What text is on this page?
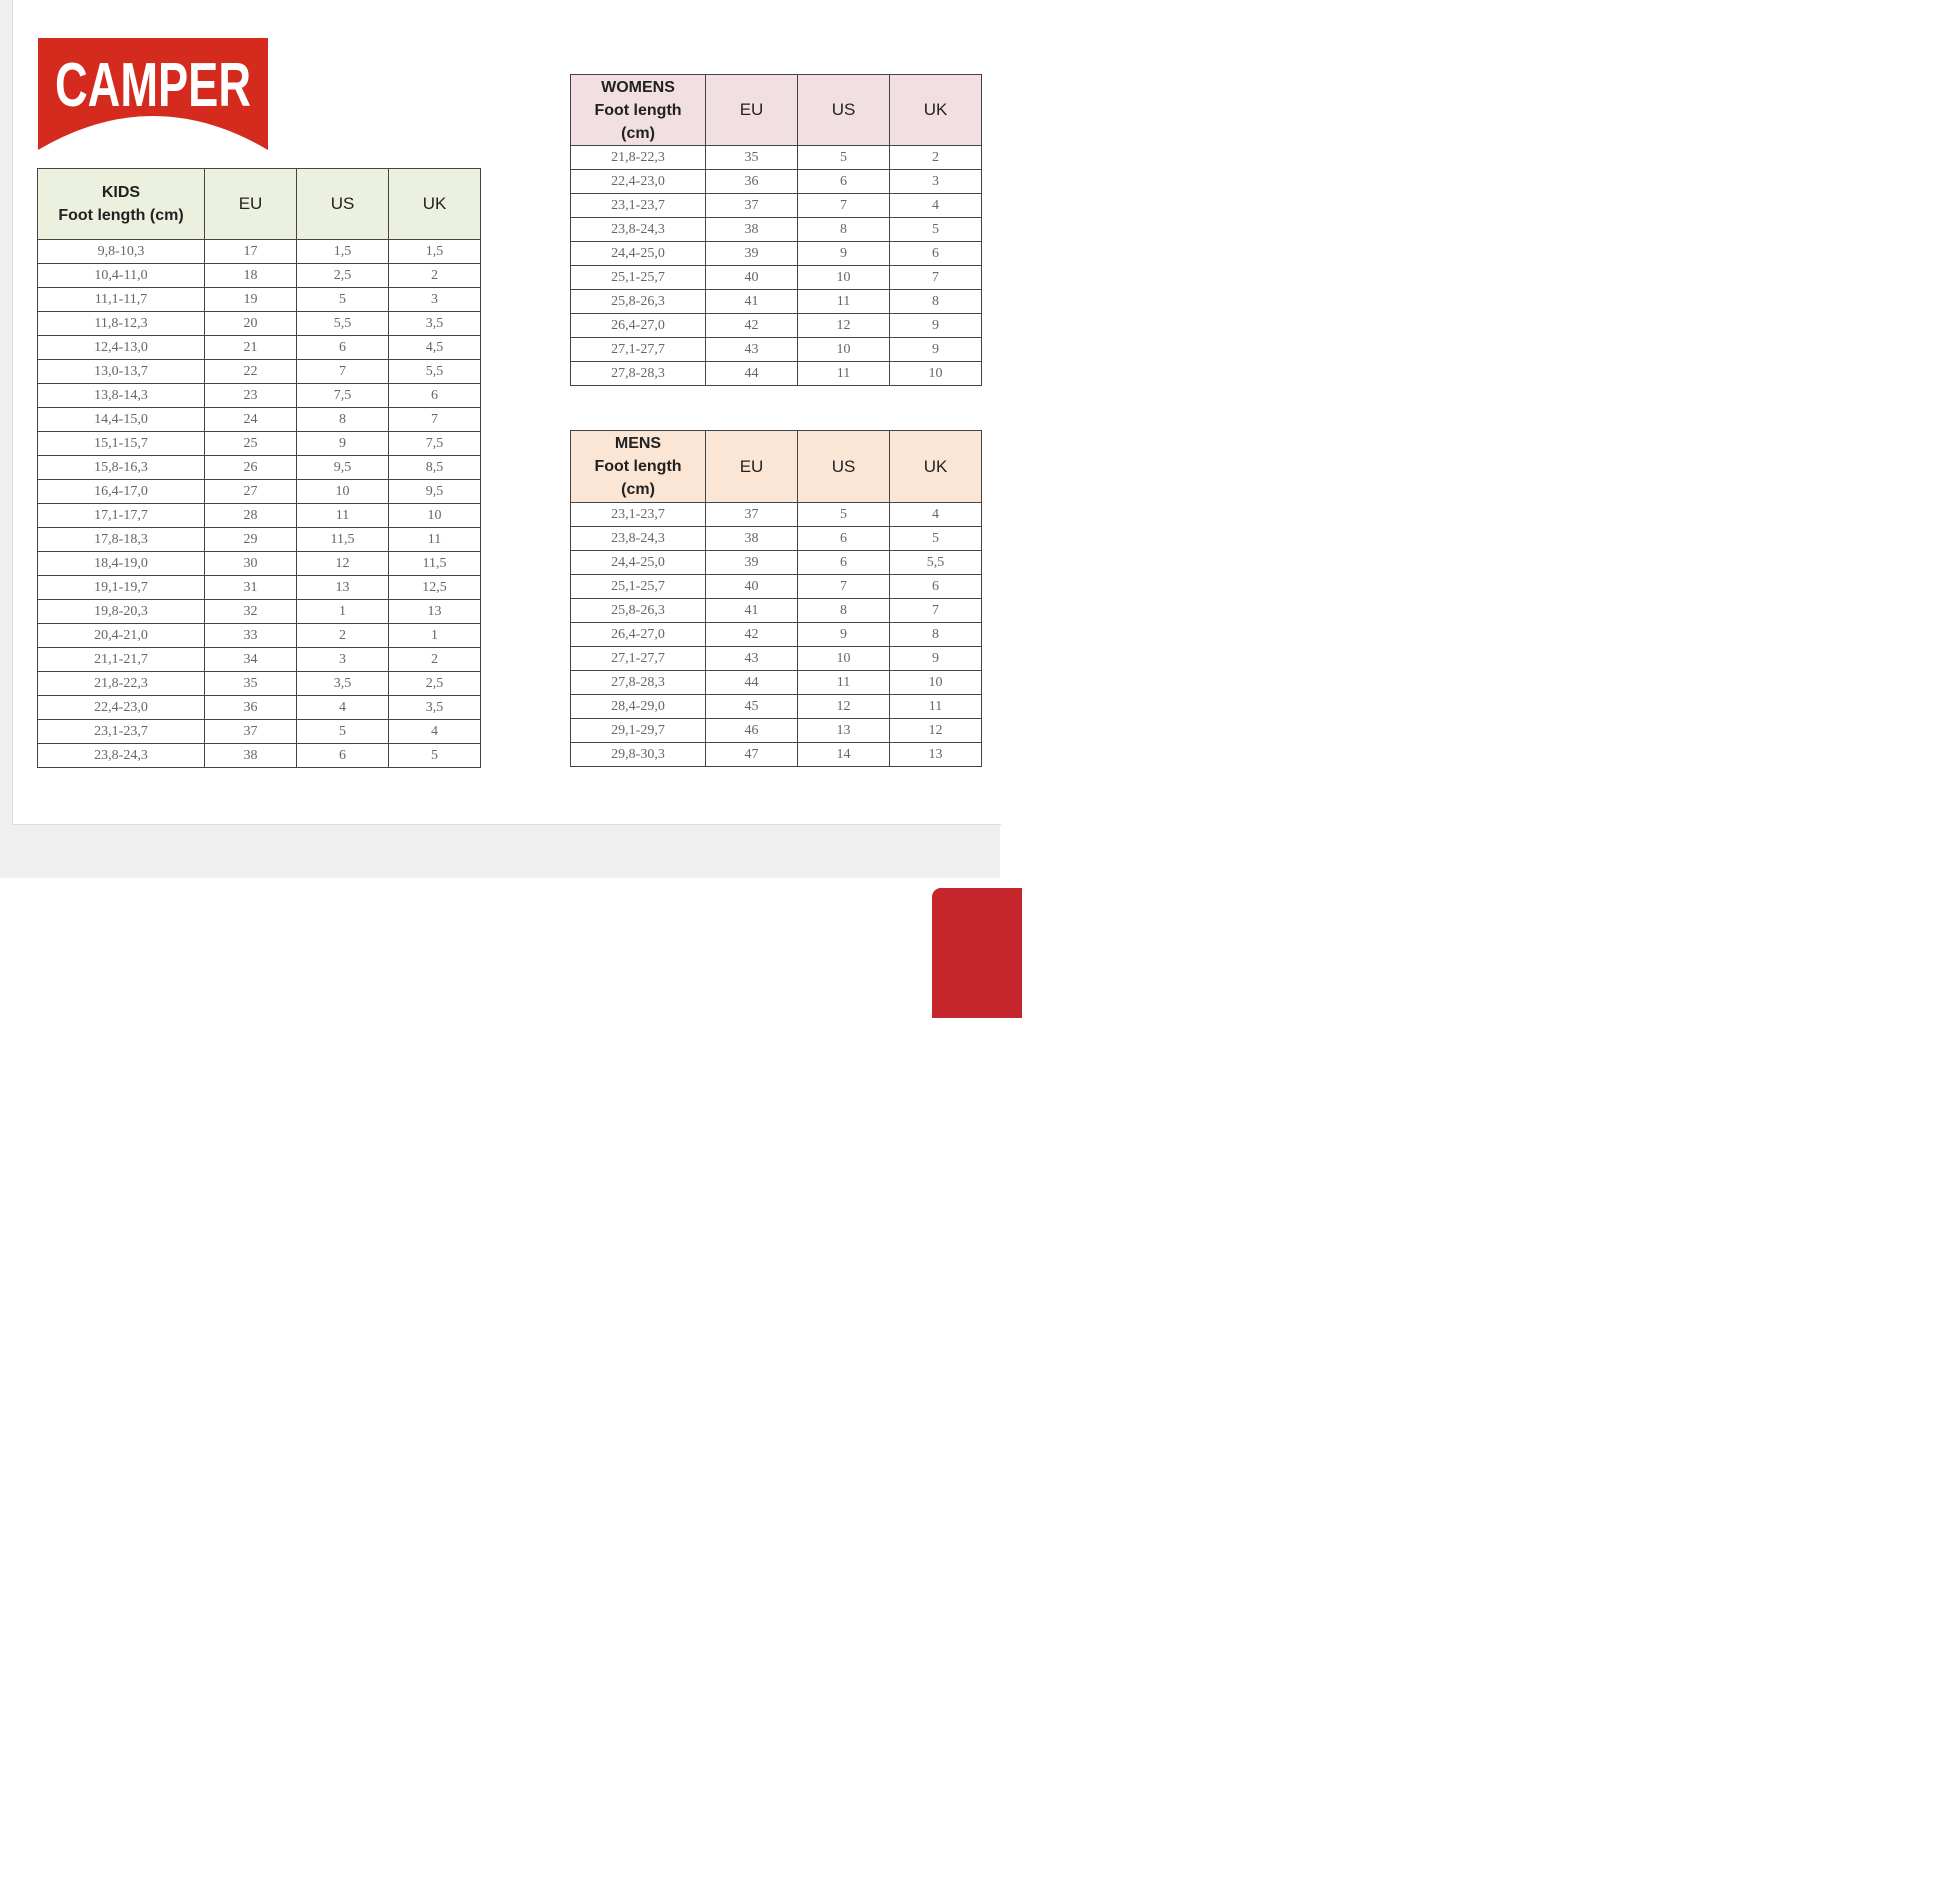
CAMPER
KIDS
Foot length (cm)	EU	US	UK
9,8-10,3	17	1,5	1,5
10,4-11,0	18	2,5	2
11,1-11,7	19	5	3
11,8-12,3	20	5,5	3,5
12,4-13,0	21	6	4,5
13,0-13,7	22	7	5,5
13,8-14,3	23	7,5	6
14,4-15,0	24	8	7
15,1-15,7	25	9	7,5
15,8-16,3	26	9,5	8,5
16,4-17,0	27	10	9,5
17,1-17,7	28	11	10
17,8-18,3	29	11,5	11
18,4-19,0	30	12	11,5
19,1-19,7	31	13	12,5
19,8-20,3	32	1	13
20,4-21,0	33	2	1
21,1-21,7	34	3	2
21,8-22,3	35	3,5	2,5
22,4-23,0	36	4	3,5
23,1-23,7	37	5	4
23,8-24,3	38	6	5
WOMENS
Foot length
(cm)	EU	US	UK
21,8-22,3	35	5	2
22,4-23,0	36	6	3
23,1-23,7	37	7	4
23,8-24,3	38	8	5
24,4-25,0	39	9	6
25,1-25,7	40	10	7
25,8-26,3	41	11	8
26,4-27,0	42	12	9
27,1-27,7	43	10	9
27,8-28,3	44	11	10
MENS
Foot length
(cm)	EU	US	UK
23,1-23,7	37	5	4
23,8-24,3	38	6	5
24,4-25,0	39	6	5,5
25,1-25,7	40	7	6
25,8-26,3	41	8	7
26,4-27,0	42	9	8
27,1-27,7	43	10	9
27,8-28,3	44	11	10
28,4-29,0	45	12	11
29,1-29,7	46	13	12
29,8-30,3	47	14	13
Help?
